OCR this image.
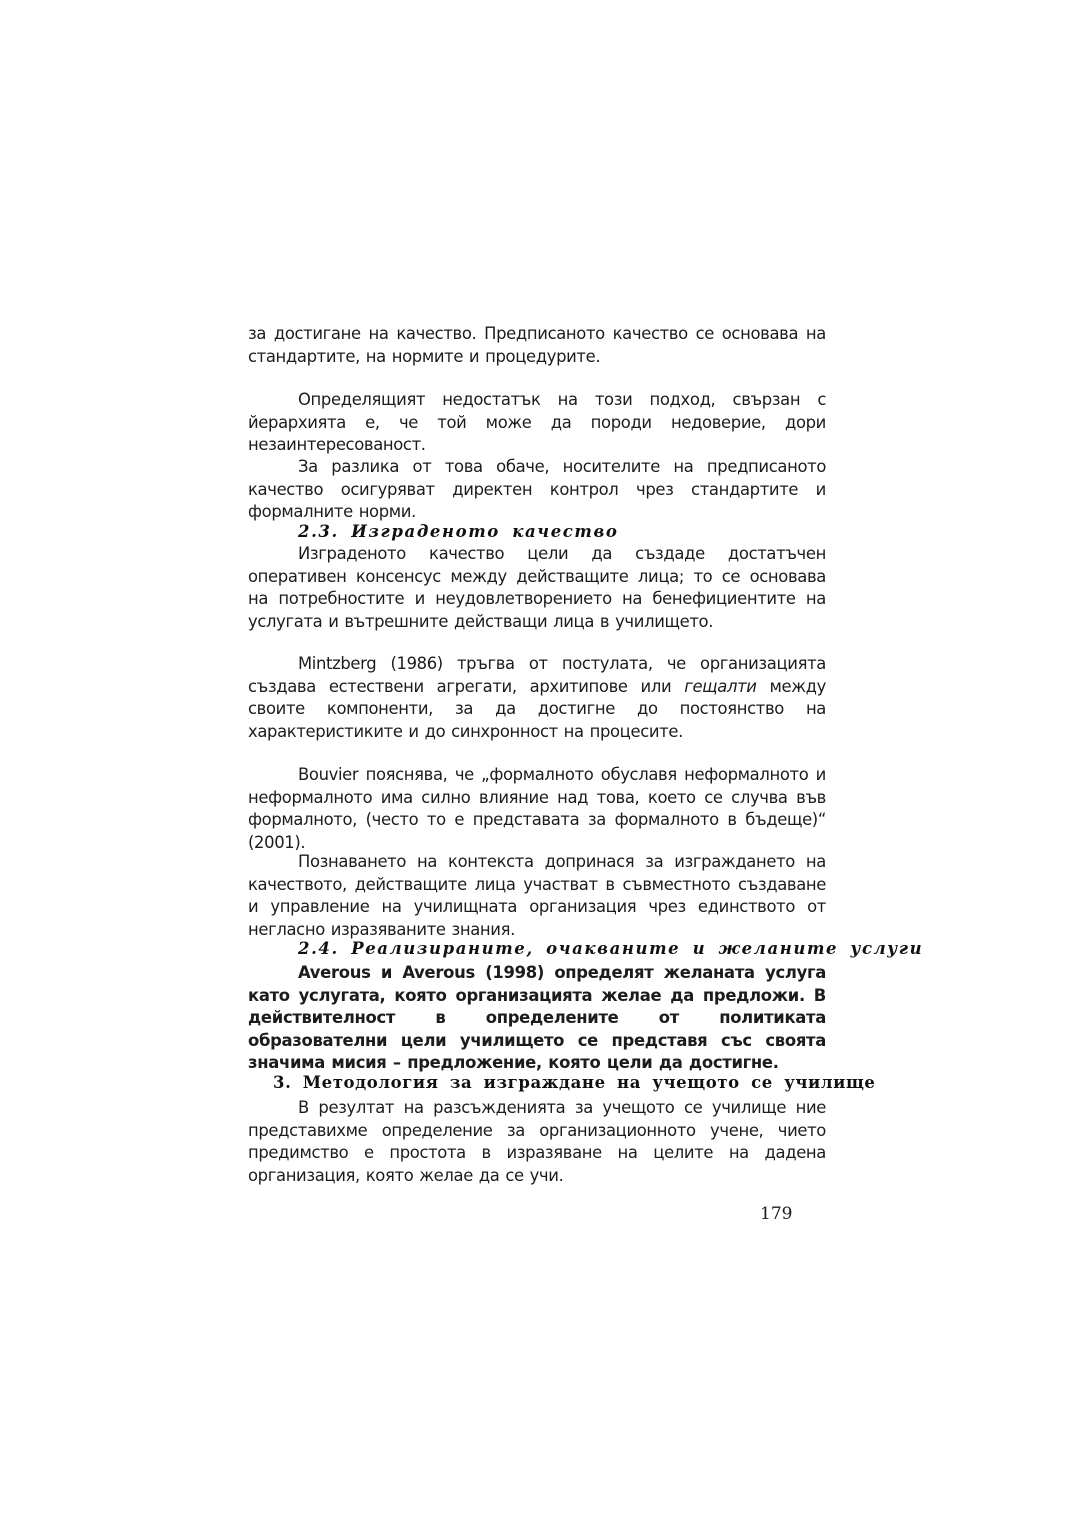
за достигане на качество. Предписаното качество се основава на стандартите, на нормите и процедурите.

Определящият недостатък на този подход, свързан с йерархията е, че той може да породи недоверие, дори незаинтересованост.

За разлика от това обаче, носителите на предписаното качество осигуряват директен контрол чрез стандартите и формалните норми.

2.3. Изграденото качество

Изграденото качество цели да създаде достатъчен оперативен консенсус между действащите лица; то се основава на потребностите и неудовлетворението на бенефициентите на услугата и вътрешните действащи лица в училището.

Mintzberg (1986) тръгва от постулата, че организацията създава естествени агрегати, архитипове или гещалти между своите компоненти, за да достигне до постоянство на характеристиките и до синхронност на процесите.

Bouvier пояснява, че „формалното обуславя неформалното и неформалното има силно влияние над това, което се случва във формалното, (често то е представата за формалното в бъдеще)“ (2001).

Познаването на контекста допринася за изграждането на качеството, действащите лица участват в съвместното създаване и управление на училищната организация чрез единството от негласно изразяваните знания.

2.4. Реализираните, очакваните и желаните услуги

Averous и Averous (1998) определят желаната услуга като услугата, която организацията желае да предложи. В действителност в определените от политиката образователни цели училището се представя със своята значима мисия – предложение, която цели да достигне.

3. Методология за изграждане на учещото се училище

В резултат на разсъжденията за учещото се училище ние представихме определение за организационното учене, чието предимство е простота в изразяване на целите на дадена организация, която желае да се учи.

179
